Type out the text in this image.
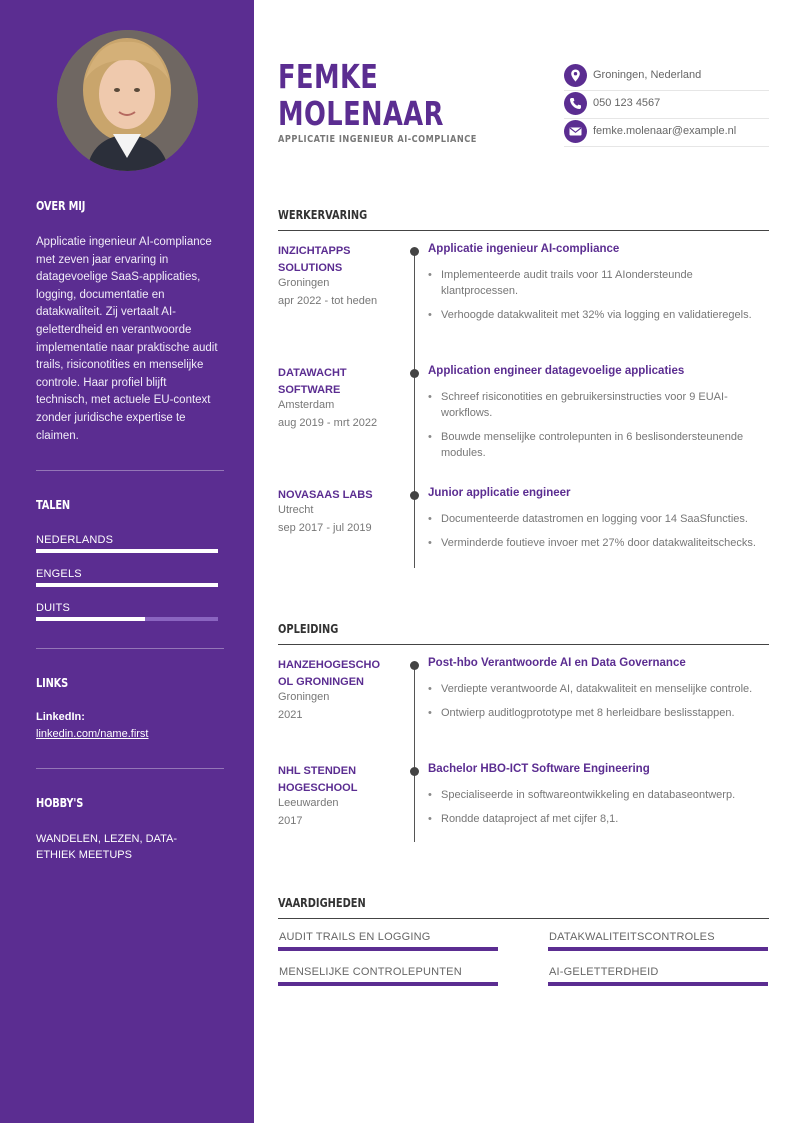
OVER MIJ
Applicatie ingenieur AI-compliance met zeven jaar ervaring in datagevoelige SaaS-applicaties, logging, documentatie en datakwaliteit. Zij vertaalt AI-geletterdheid en verantwoorde implementatie naar praktische audit trails, risiconotities en menselijke controle. Haar profiel blijft technisch, met actuele EU-context zonder juridische expertise te claimen.
TALEN
NEDERLANDS
ENGELS
DUITS
LINKS
LinkedIn:
linkedin.com/name.first
HOBBY'S
WANDELEN, LEZEN, DATA-ETHIEK MEETUPS
FEMKE
MOLENAAR
APPLICATIE INGENIEUR AI-COMPLIANCE
Groningen, Nederland
050 123 4567
femke.molenaar@example.nl
WERKERVARING
INZICHTAPPS SOLUTIONS
Groningen
apr 2022 - tot heden
Applicatie ingenieur AI-compliance
• Implementeerde audit trails voor 11 AIondersteunde klantprocessen.
• Verhoogde datakwaliteit met 32% via logging en validatieregels.
DATAWACHT SOFTWARE
Amsterdam
aug 2019 - mrt 2022
Application engineer datagevoelige applicaties
• Schreef risiconotities en gebruikersinstructies voor 9 EUAI-workflows.
• Bouwde menselijke controlepunten in 6 beslisondersteunende modules.
NOVASAAS LABS
Utrecht
sep 2017 - jul 2019
Junior applicatie engineer
• Documenteerde datastromen en logging voor 14 SaaSfuncties.
• Verminderde foutieve invoer met 27% door datakwaliteitschecks.
OPLEIDING
HANZEHOGESCHOOL GRONINGEN
Groningen
2021
Post-hbo Verantwoorde AI en Data Governance
• Verdiepte verantwoorde AI, datakwaliteit en menselijke controle.
• Ontwierp auditlogprototype met 8 herleidbare beslisstappen.
NHL STENDEN HOGESCHOOL
Leeuwarden
2017
Bachelor HBO-ICT Software Engineering
• Specialiseerde in softwareontwikkeling en databaseontwerp.
• Rondde dataproject af met cijfer 8,1.
VAARDIGHEDEN
AUDIT TRAILS EN LOGGING	DATAKWALITEITSCONTROLES
MENSELIJKE CONTROLEPUNTEN	AI-GELETTERDHEID
